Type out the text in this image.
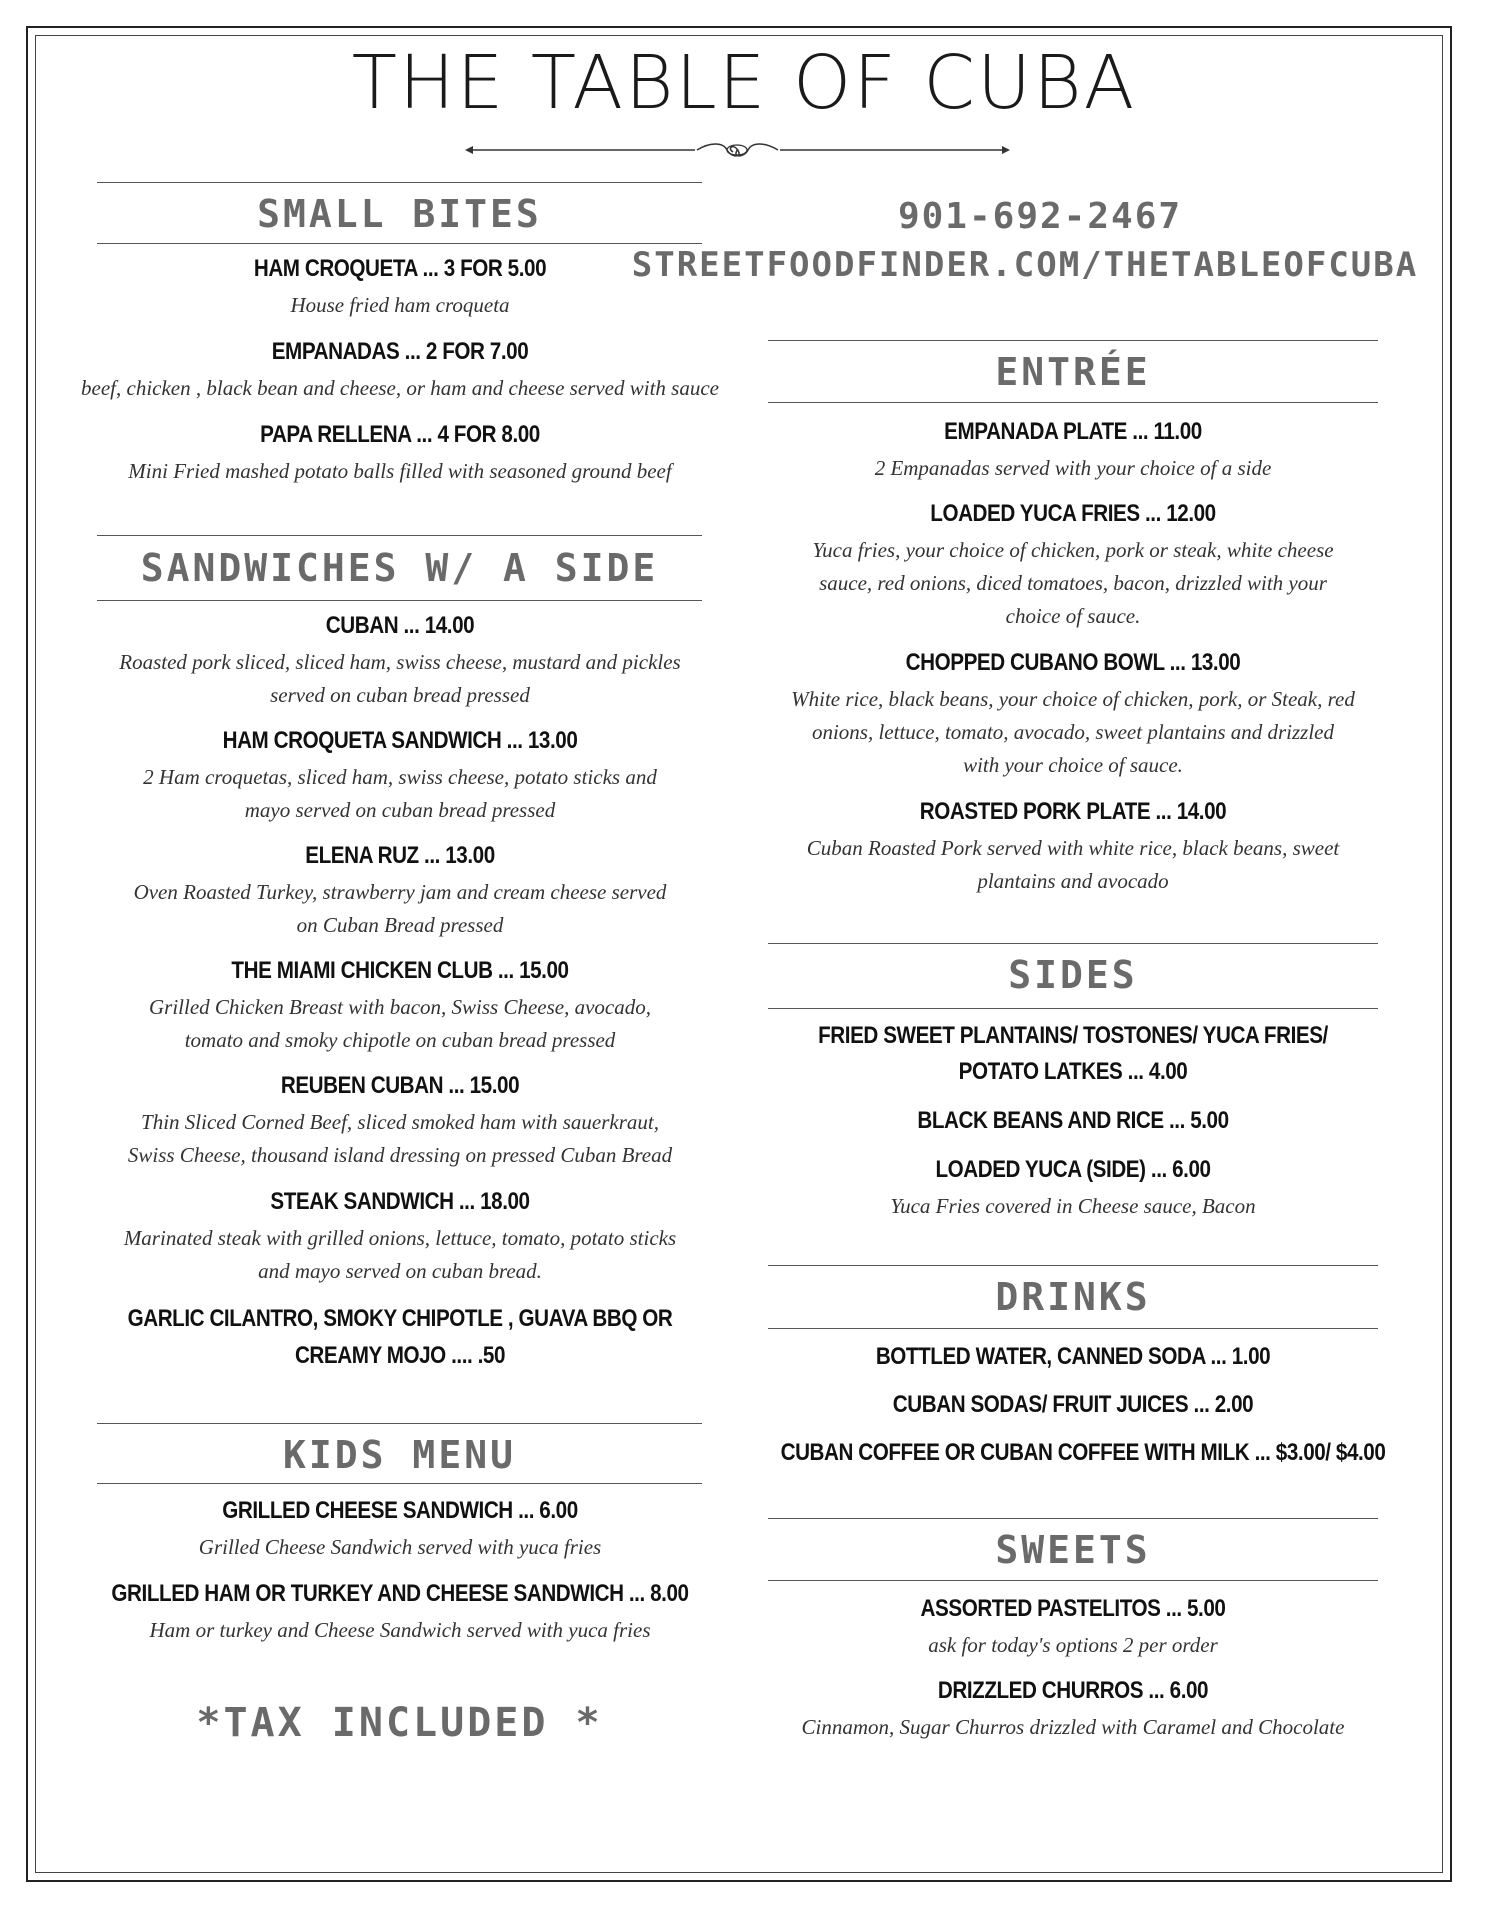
THE TABLE OF CUBA
SMALL BITES
HAM CROQUETA ... 3 FOR 5.00
House fried ham croqueta
EMPANADAS ... 2 FOR 7.00
beef, chicken , black bean and cheese, or ham and cheese served with sauce
PAPA RELLENA ... 4 FOR 8.00
Mini Fried mashed potato balls filled with seasoned ground beef
SANDWICHES W/ A SIDE
CUBAN ... 14.00
Roasted pork sliced, sliced ham, swiss cheese, mustard and pickles
served on cuban bread pressed
HAM CROQUETA SANDWICH ... 13.00
2 Ham croquetas, sliced ham, swiss cheese, potato sticks and
mayo served on cuban bread pressed
ELENA RUZ ... 13.00
Oven Roasted Turkey, strawberry jam and cream cheese served
on Cuban Bread pressed
THE MIAMI CHICKEN CLUB ... 15.00
Grilled Chicken Breast with bacon, Swiss Cheese, avocado,
tomato and smoky chipotle on cuban bread pressed
REUBEN CUBAN ... 15.00
Thin Sliced Corned Beef, sliced smoked ham with sauerkraut,
Swiss Cheese, thousand island dressing on pressed Cuban Bread
STEAK SANDWICH ... 18.00
Marinated steak with grilled onions, lettuce, tomato, potato sticks
and mayo served on cuban bread.
GARLIC CILANTRO, SMOKY CHIPOTLE , GUAVA BBQ OR
CREAMY MOJO .... .50
KIDS MENU
GRILLED CHEESE SANDWICH ... 6.00
Grilled Cheese Sandwich served with yuca fries
GRILLED HAM OR TURKEY AND CHEESE SANDWICH ... 8.00
Ham or turkey and Cheese Sandwich served with yuca fries
*TAX INCLUDED *
901-692-2467
STREETFOODFINDER.COM/THETABLEOFCUBA
ENTRÉE
EMPANADA PLATE ... 11.00
2 Empanadas served with your choice of a side
LOADED YUCA FRIES ... 12.00
Yuca fries, your choice of chicken, pork or steak, white cheese
sauce, red onions, diced tomatoes, bacon, drizzled with your
choice of sauce.
CHOPPED CUBANO BOWL ... 13.00
White rice, black beans, your choice of chicken, pork, or Steak, red
onions, lettuce, tomato, avocado, sweet plantains and drizzled
with your choice of sauce.
ROASTED PORK PLATE ... 14.00
Cuban Roasted Pork served with white rice, black beans, sweet
plantains and avocado
SIDES
FRIED SWEET PLANTAINS/ TOSTONES/ YUCA FRIES/
POTATO LATKES ... 4.00
BLACK BEANS AND RICE ... 5.00
LOADED YUCA (SIDE) ... 6.00
Yuca Fries covered in Cheese sauce, Bacon
DRINKS
BOTTLED WATER, CANNED SODA ... 1.00
CUBAN SODAS/ FRUIT JUICES ... 2.00
CUBAN COFFEE OR CUBAN COFFEE WITH MILK ... $3.00/ $4.00
SWEETS
ASSORTED PASTELITOS ... 5.00
ask for today's options 2 per order
DRIZZLED CHURROS ... 6.00
Cinnamon, Sugar Churros drizzled with Caramel and Chocolate
